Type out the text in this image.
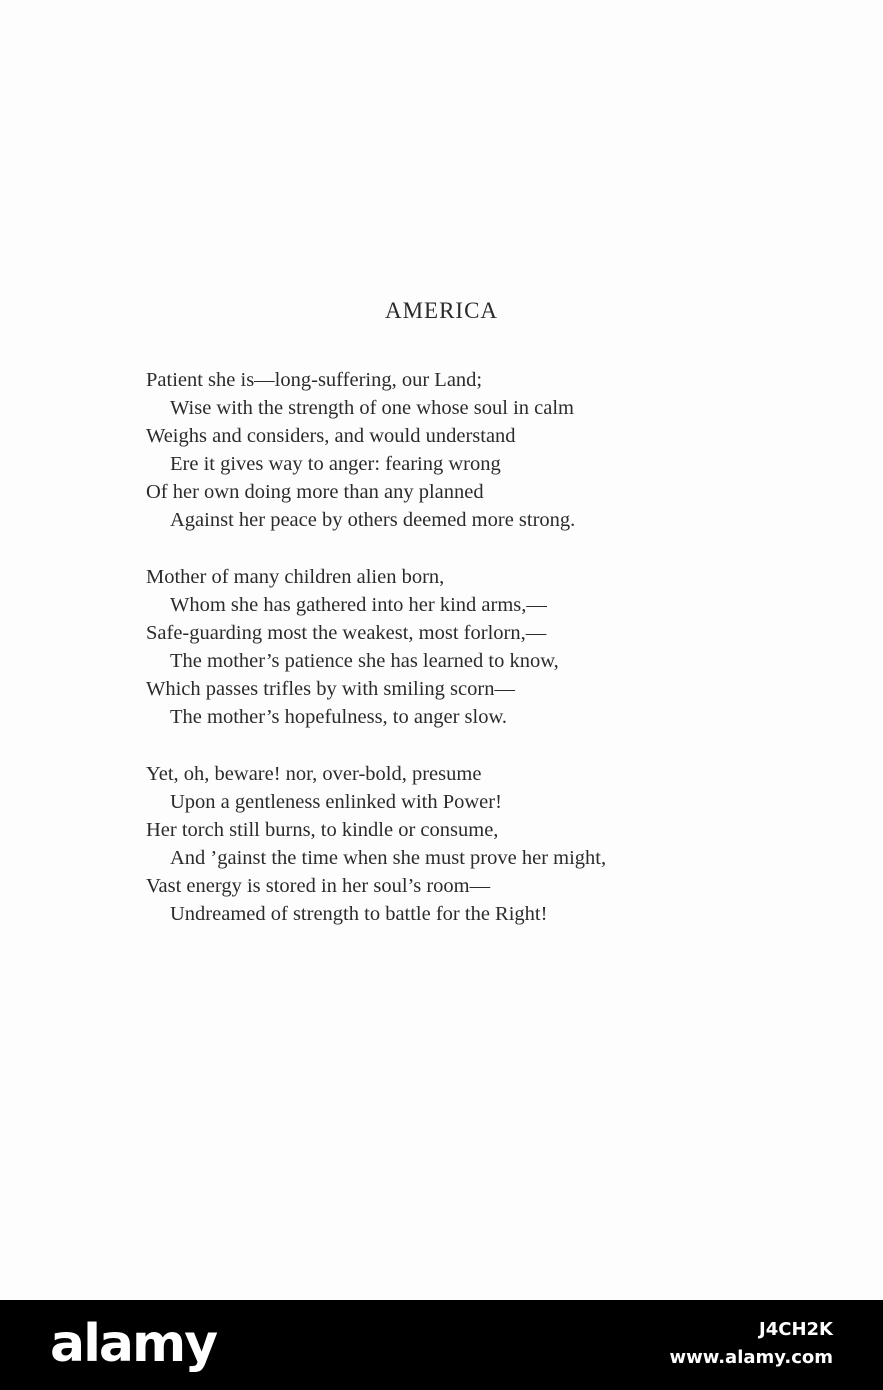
AMERICA
Patient she is—long-suffering, our Land;
Wise with the strength of one whose soul in calm
Weighs and considers, and would understand
Ere it gives way to anger: fearing wrong
Of her own doing more than any planned
Against her peace by others deemed more strong.
Mother of many children alien born,
Whom she has gathered into her kind arms,—
Safe-guarding most the weakest, most forlorn,—
The mother’s patience she has learned to know,
Which passes trifles by with smiling scorn—
The mother’s hopefulness, to anger slow.
Yet, oh, beware! nor, over-bold, presume
Upon a gentleness enlinked with Power!
Her torch still burns, to kindle or consume,
And ’gainst the time when she must prove her might,
Vast energy is stored in her soul’s room—
Undreamed of strength to battle for the Right!
alamy	J4CH2K
www.alamy.com
